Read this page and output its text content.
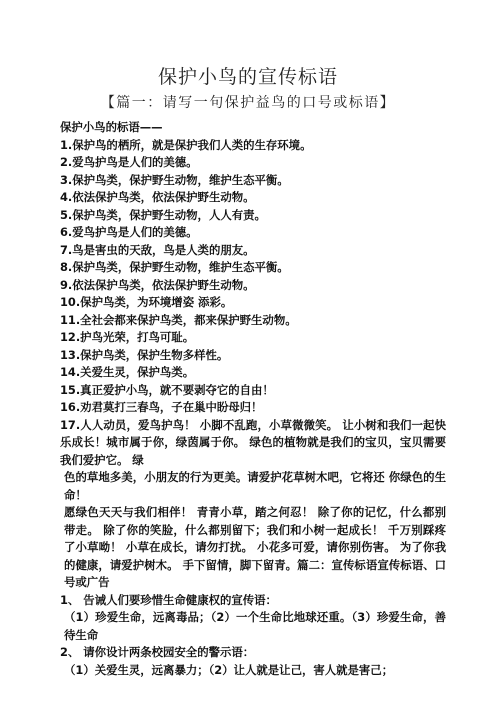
保护小鸟的宣传标语
【篇一：请写一句保护益鸟的口号或标语】
保护小鸟的标语——
1.保护鸟的栖所，就是保护我们人类的生存环境。
2.爱鸟护鸟是人们的美德。
3.保护鸟类，保护野生动物，维护生态平衡。
4.依法保护鸟类，依法保护野生动物。
5.保护鸟类，保护野生动物，人人有责。
6.爱鸟护鸟是人们的美德。
7.鸟是害虫的天敌，鸟是人类的朋友。
8.保护鸟类，保护野生动物，维护生态平衡。
9.依法保护鸟类，依法保护野生动物。
10.保护鸟类，为环境增姿 添彩。
11.全社会都来保护鸟类，都来保护野生动物。
12.护鸟光荣，打鸟可耻。
13.保护鸟类，保护生物多样性。
14.关爱生灵，保护鸟类。
15.真正爱护小鸟，就不要剥夺它的自由！
16.劝君莫打三春鸟，子在巢中盼母归！

17.人人动员，爱鸟护鸟！ 小脚不乱跑，小草微微笑。 让小树和我们一起快乐成长！城市属于你，绿茵属于你。 绿色的植物就是我们的宝贝，宝贝需要我们爱护它。 绿

色的草地多美，小朋友的行为更美。请爱护花草树木吧，它将还 你绿色的生命！

愿绿色天天与我们相伴！ 青青小草，踏之何忍！ 除了你的记忆，什么都别带走。 除了你的笑脸，什么都别留下；我们和小树一起成长！ 千万别踩疼了小草呦！ 小草在成长，请勿打扰。 小花多可爱，请你别伤害。 为了你我的健康，请爱护树木。 手下留情，脚下留青。篇二：宣传标语宣传标语、口号或广告

1、 告诫人们要珍惜生命健康权的宣传语：

（1）珍爱生命，远离毒品；（2）一个生命比地球还重。（3）珍爱生命，善待生命

2、 请你设计两条校园安全的警示语：

（1）关爱生灵，远离暴力；（2）让人就是让己，害人就是害己；
